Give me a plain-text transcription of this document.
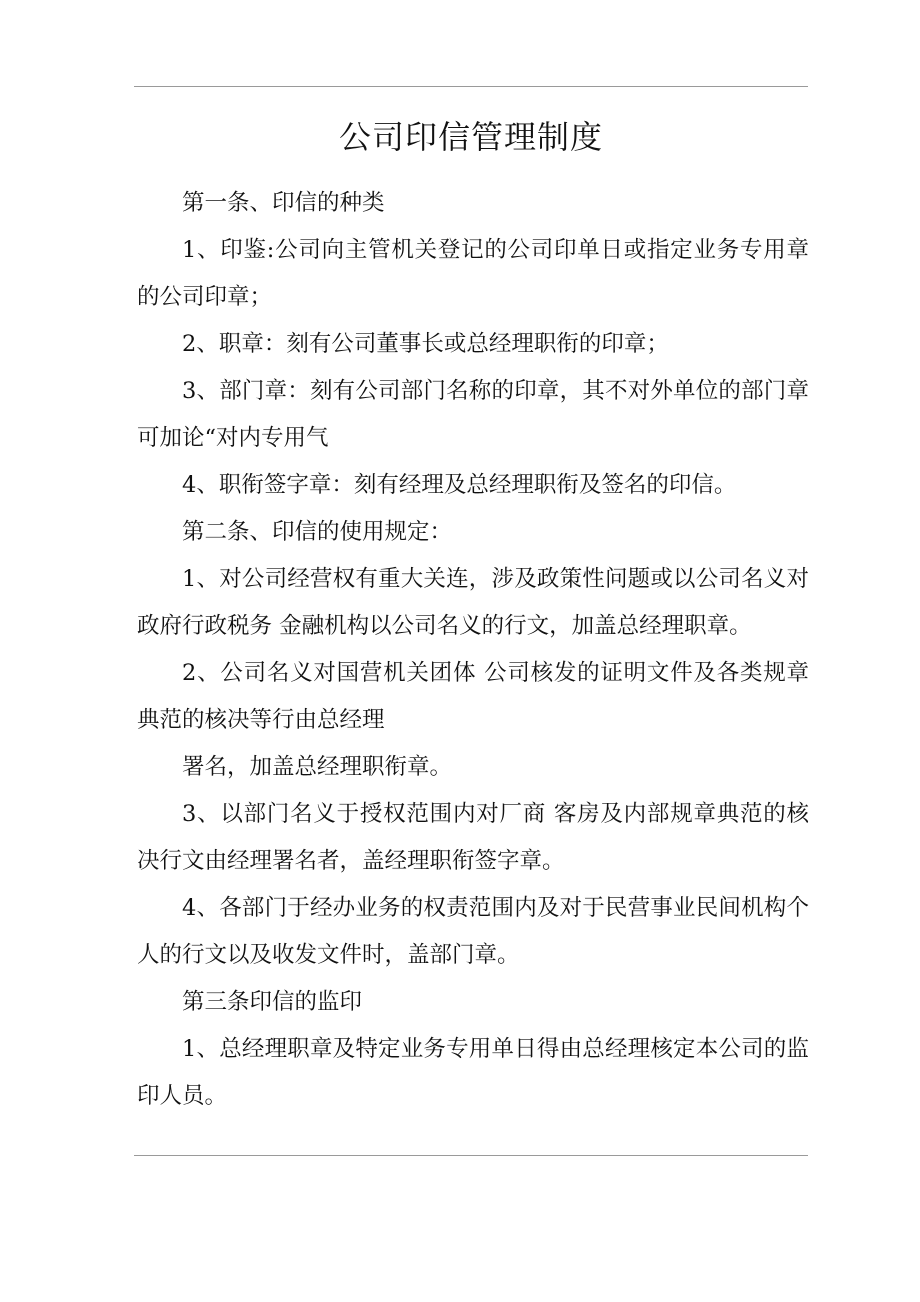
公司印信管理制度

第一条、印信的种类

1、印鉴:公司向主管机关登记的公司印单日或指定业务专用章的公司印章；

2、职章：刻有公司董事长或总经理职衔的印章；

3、部门章：刻有公司部门名称的印章，其不对外单位的部门章可加论“对内专用气

4、职衔签字章：刻有经理及总经理职衔及签名的印信。

第二条、印信的使用规定：

1、对公司经营权有重大关连，涉及政策性问题或以公司名义对政府行政税务 金融机构以公司名义的行文，加盖总经理职章。

2、公司名义对国营机关团体 公司核发的证明文件及各类规章典范的核决等行由总经理

署名，加盖总经理职衔章。

3、以部门名义于授权范围内对厂商 客房及内部规章典范的核决行文由经理署名者，盖经理职衔签字章。

4、各部门于经办业务的权责范围内及对于民营事业民间机构个人的行文以及收发文件时，盖部门章。

第三条印信的监印

1、总经理职章及特定业务专用单日得由总经理核定本公司的监印人员。
